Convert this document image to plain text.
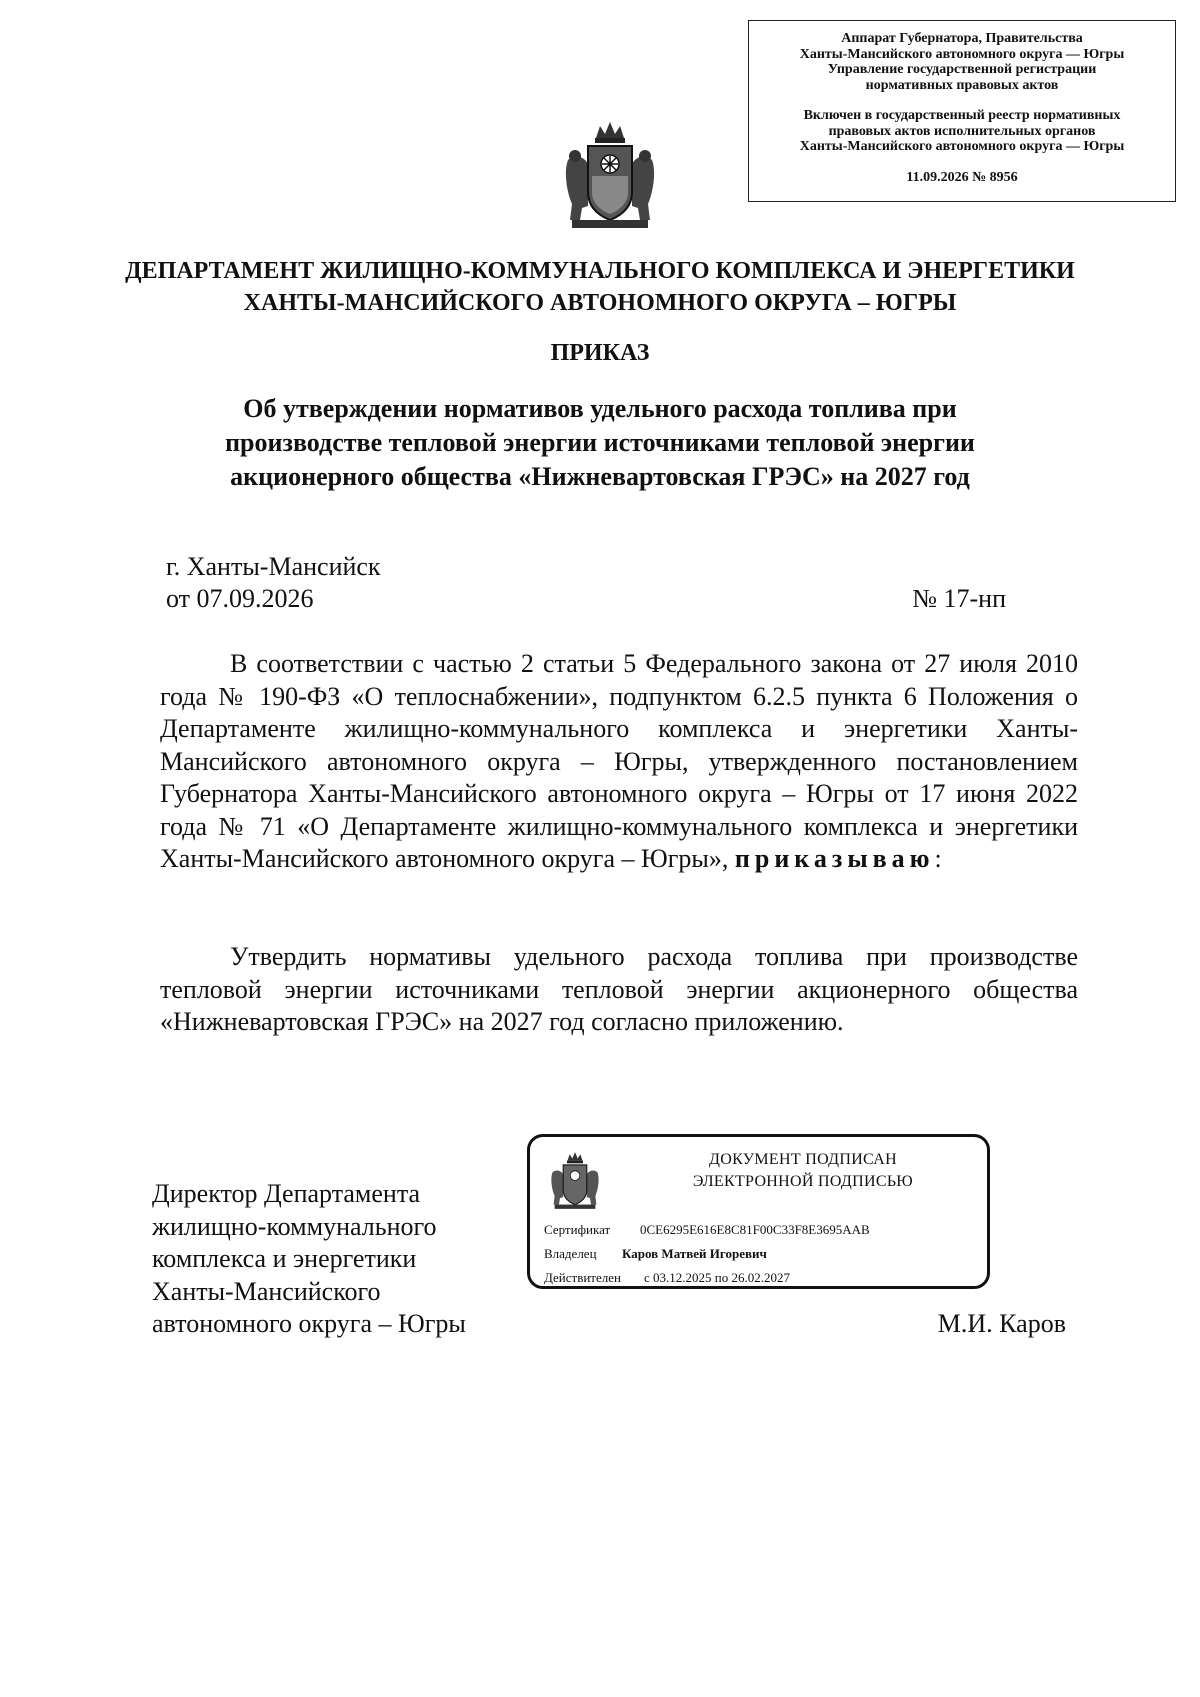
Аппарат Губернатора, Правительства
Ханты-Мансийского автономного округа — Югры
Управление государственной регистрации
нормативных правовых актов
Включен в государственный реестр нормативных
правовых актов исполнительных органов
Ханты-Мансийского автономного округа — Югры
11.09.2026 № 8956
ДЕПАРТАМЕНТ ЖИЛИЩНО-КОММУНАЛЬНОГО КОМПЛЕКСА И ЭНЕРГЕТИКИ
ХАНТЫ-МАНСИЙСКОГО АВТОНОМНОГО ОКРУГА – ЮГРЫ
ПРИКАЗ
Об утверждении нормативов удельного расхода топлива при
производстве тепловой энергии источниками тепловой энергии
акционерного общества «Нижневартовская ГРЭС» на 2027 год
г. Ханты-Мансийск
от 07.09.2026	№ 17-нп

В соответствии с частью 2 статьи 5 Федерального закона от 27 июля 2010 года № 190-ФЗ «О теплоснабжении», подпунктом 6.2.5 пункта 6 Положения о Департаменте жилищно-коммунального комплекса и энергетики Ханты-Мансийского автономного округа – Югры, утвержденного постановлением Губернатора Ханты-Мансийского автономного округа – Югры от 17 июня 2022 года № 71 «О Департаменте жилищно-коммунального комплекса и энергетики Ханты-Мансийского автономного округа – Югры», приказываю:

Утвердить нормативы удельного расхода топлива при производстве тепловой энергии источниками тепловой энергии акционерного общества «Нижневартовская ГРЭС» на 2027 год согласно приложению.

Директор Департамента
жилищно-коммунального
комплекса и энергетики
Ханты-Мансийского
автономного округа – Югры	М.И. Каров
ДОКУМЕНТ ПОДПИСАН
ЭЛЕКТРОННОЙ ПОДПИСЬЮ
Сертификат 0CE6295E616E8C81F00C33F8E3695AAB
Владелец Каров Матвей Игоревич
Действителен с 03.12.2025 по 26.02.2027
